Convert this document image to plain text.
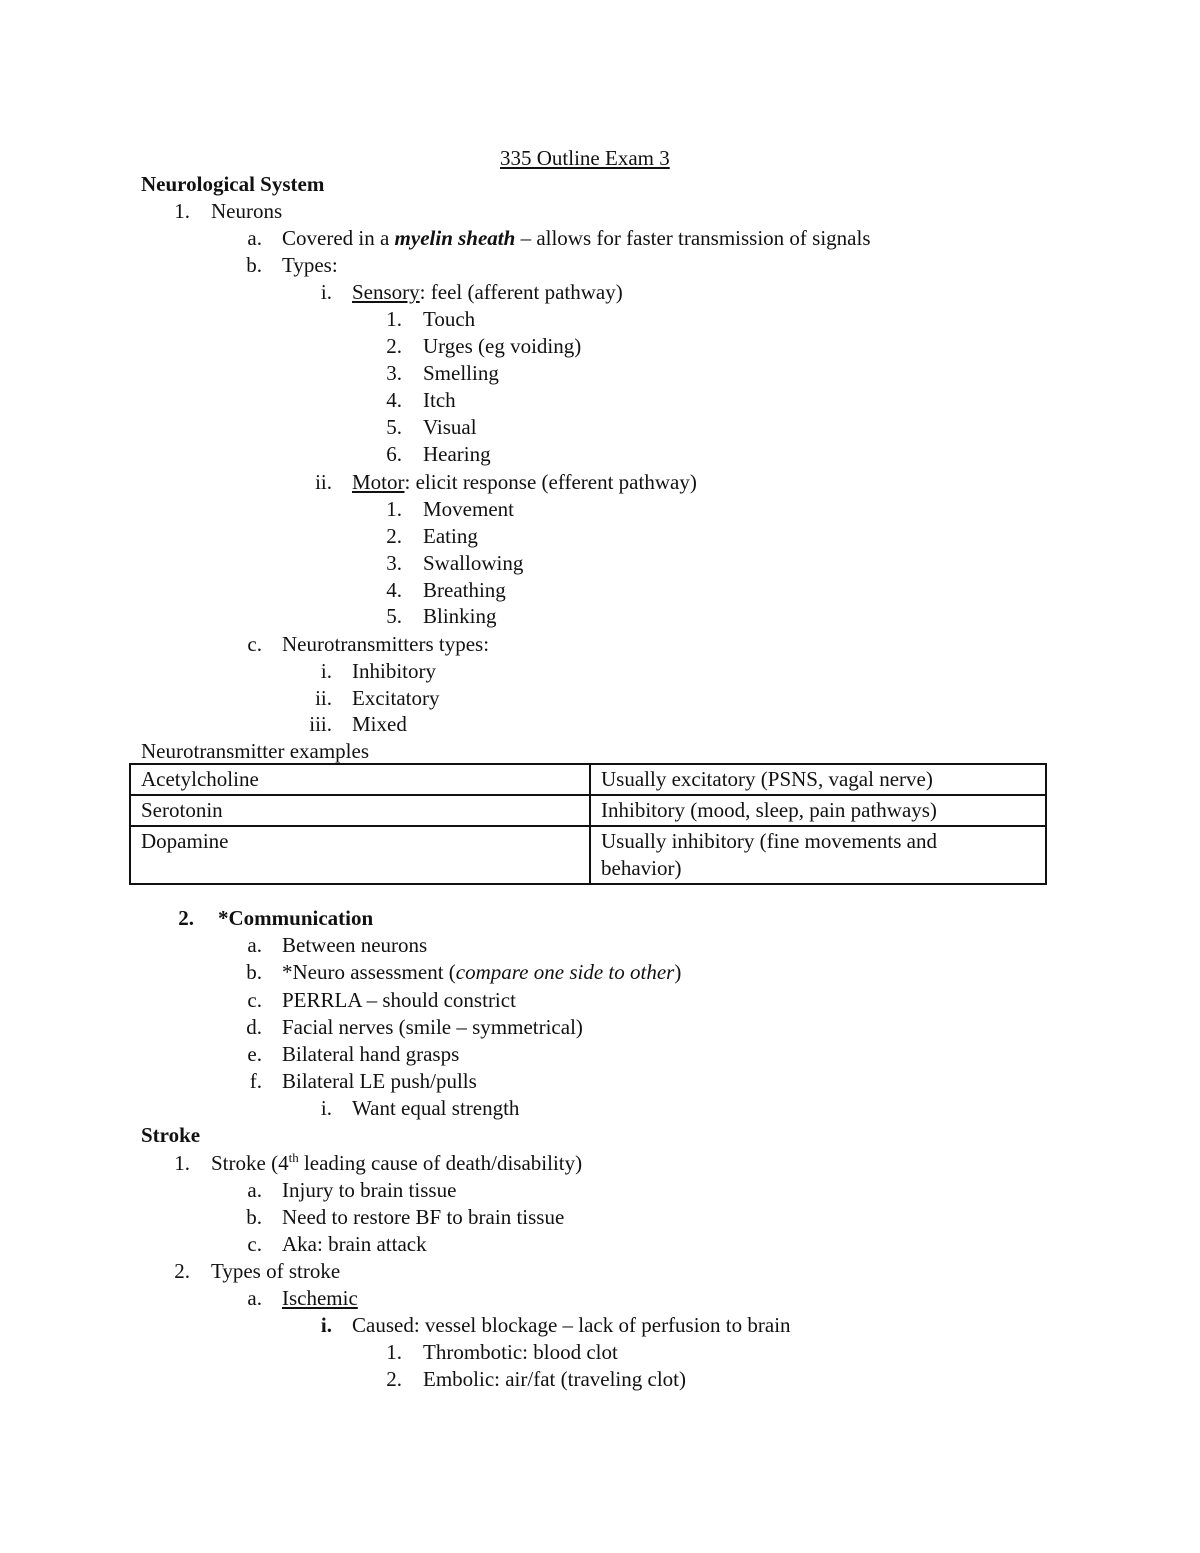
335 Outline Exam 3
Neurological System
1. Neurons
a. Covered in a myelin sheath – allows for faster transmission of signals
b. Types:
i. Sensory: feel (afferent pathway)
1. Touch
2. Urges (eg voiding)
3. Smelling
4. Itch
5. Visual
6. Hearing
ii. Motor: elicit response (efferent pathway)
1. Movement
2. Eating
3. Swallowing
4. Breathing
5. Blinking
c. Neurotransmitters types:
i. Inhibitory
ii. Excitatory
iii. Mixed
Neurotransmitter examples
Acetylcholine	Usually excitatory (PSNS, vagal nerve)
Serotonin	Inhibitory (mood, sleep, pain pathways)
Dopamine	Usually inhibitory (fine movements and behavior)
2. *Communication
a. Between neurons
b. *Neuro assessment (compare one side to other)
c. PERRLA – should constrict
d. Facial nerves (smile – symmetrical)
e. Bilateral hand grasps
f. Bilateral LE push/pulls
i. Want equal strength
Stroke
1. Stroke (4th leading cause of death/disability)
a. Injury to brain tissue
b. Need to restore BF to brain tissue
c. Aka: brain attack
2. Types of stroke
a. Ischemic
i. Caused: vessel blockage – lack of perfusion to brain
1. Thrombotic: blood clot
2. Embolic: air/fat (traveling clot)
